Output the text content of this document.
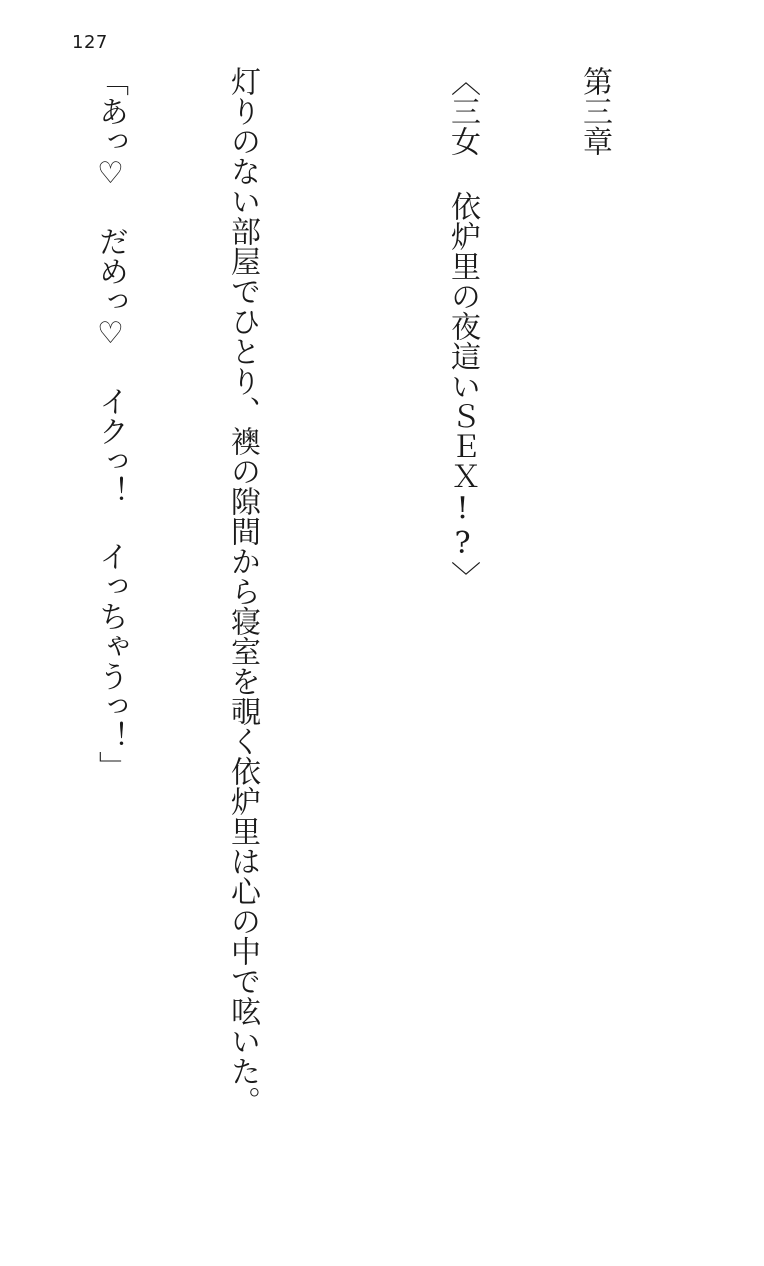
127

第三章

〈三女 依炉里の夜這いＳＥＸ!?〉

灯りのない部屋でひとり、襖の隙間から寝室を覗く依炉里は心の中で呟いた。

「あっ♡ だめっ♡ イクっ！ イっちゃうっ！」
